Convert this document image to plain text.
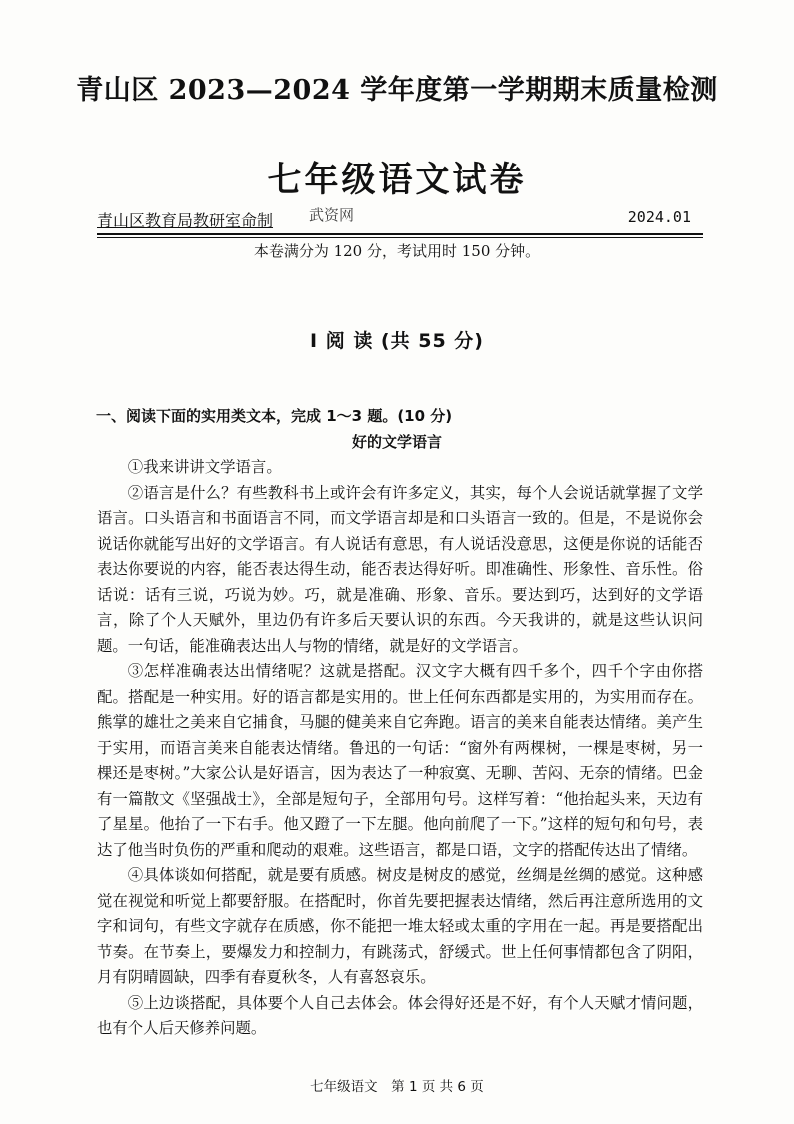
青山区 2023—2024 学年度第一学期期末质量检测
七年级语文试卷
青山区教育局教研室命制 武资网	2024.01
本卷满分为 120 分，考试用时 150 分钟。
Ⅰ 阅 读 (共 55 分)
一、阅读下面的实用类文本，完成 1～3 题。(10 分)
好的文学语言

①我来讲讲文学语言。

②语言是什么？有些教科书上或许会有许多定义，其实，每个人会说话就掌握了文学语言。口头语言和书面语言不同，而文学语言却是和口头语言一致的。但是，不是说你会说话你就能写出好的文学语言。有人说话有意思，有人说话没意思，这便是你说的话能否表达你要说的内容，能否表达得生动，能否表达得好听。即准确性、形象性、音乐性。俗话说：话有三说，巧说为妙。巧，就是准确、形象、音乐。要达到巧，达到好的文学语言，除了个人天赋外，里边仍有许多后天要认识的东西。今天我讲的，就是这些认识问题。一句话，能准确表达出人与物的情绪，就是好的文学语言。

③怎样准确表达出情绪呢？这就是搭配。汉文字大概有四千多个，四千个字由你搭配。搭配是一种实用。好的语言都是实用的。世上任何东西都是实用的，为实用而存在。熊掌的雄壮之美来自它捕食，马腿的健美来自它奔跑。语言的美来自能表达情绪。美产生于实用，而语言美来自能表达情绪。鲁迅的一句话：“窗外有两棵树，一棵是枣树，另一棵还是枣树。”大家公认是好语言，因为表达了一种寂寞、无聊、苦闷、无奈的情绪。巴金有一篇散文《坚强战士》，全部是短句子，全部用句号。这样写着：“他抬起头来，天边有了星星。他抬了一下右手。他又蹬了一下左腿。他向前爬了一下。”这样的短句和句号，表达了他当时负伤的严重和爬动的艰难。这些语言，都是口语，文字的搭配传达出了情绪。

④具体谈如何搭配，就是要有质感。树皮是树皮的感觉，丝绸是丝绸的感觉。这种感觉在视觉和听觉上都要舒服。在搭配时，你首先要把握表达情绪，然后再注意所选用的文字和词句，有些文字就存在质感，你不能把一堆太轻或太重的字用在一起。再是要搭配出节奏。在节奏上，要爆发力和控制力，有跳荡式，舒缓式。世上任何事情都包含了阴阳，月有阴晴圆缺，四季有春夏秋冬，人有喜怒哀乐。

⑤上边谈搭配，具体要个人自己去体会。体会得好还是不好，有个人天赋才情问题，也有个人后天修养问题。

七年级语文　第 1 页 共 6 页
